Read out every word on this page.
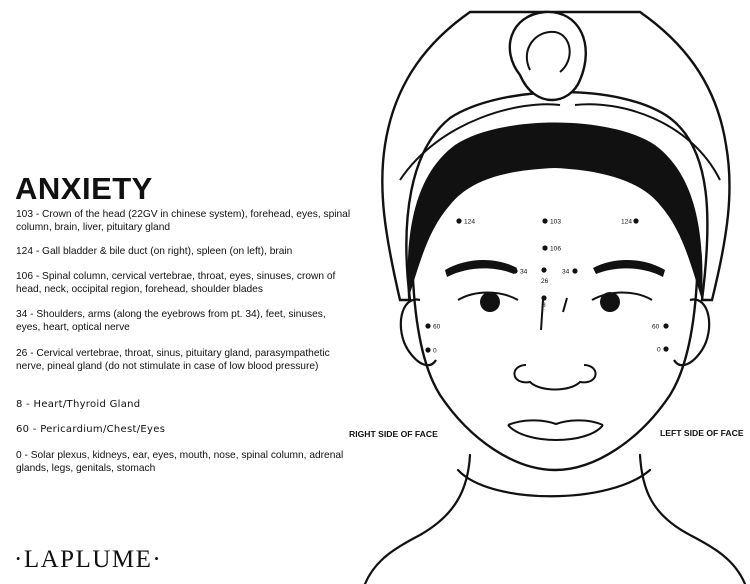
ANXIETY
103 - Crown of the head (22GV in chinese system), forehead, eyes, spinal column, brain, liver, pituitary gland
124 - Gall bladder & bile duct (on right), spleen (on left), brain
106 - Spinal column, cervical vertebrae, throat, eyes, sinuses, crown of head, neck, occipital region, forehead, shoulder blades
34 - Shoulders, arms (along the eyebrows from pt. 34), feet, sinuses, eyes, heart, optical nerve
26 - Cervical vertebrae, throat, sinus, pituitary gland, parasympathetic nerve, pineal gland (do not stimulate in case of low blood pressure)
8 - Heart/Thyroid Gland
60 - Pericardium/Chest/Eyes
0 - Solar plexus, kidneys, ear, eyes, mouth, nose, spinal column, adrenal glands, legs, genitals, stomach
·LAPLUME·
RIGHT SIDE OF FACE	LEFT SIDE OF FACE
124	103	124
106
34
26
34
8
60	60
0	0
